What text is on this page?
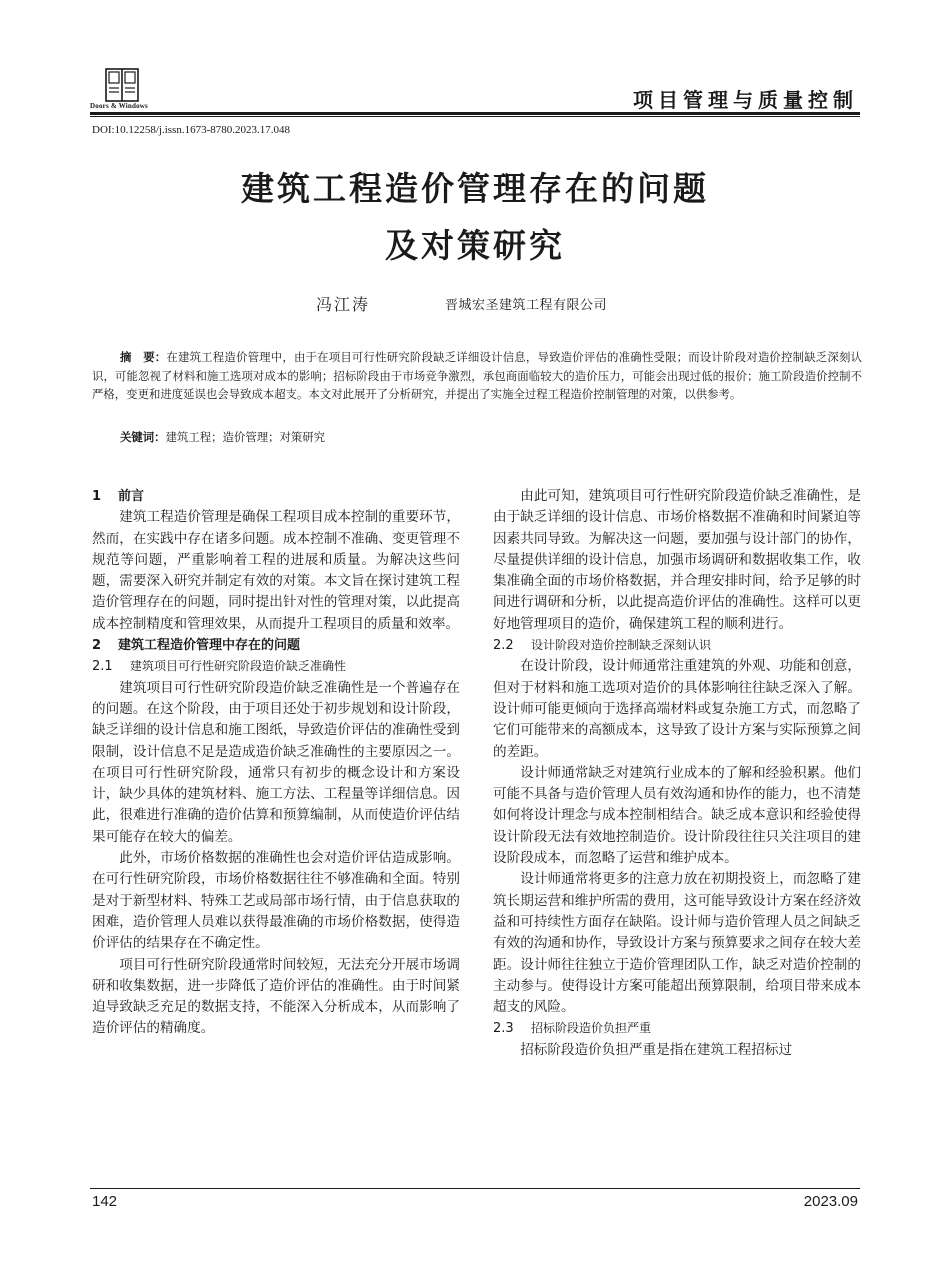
Doors & Windows	项目管理与质量控制
DOI:10.12258/j.issn.1673-8780.2023.17.048
建筑工程造价管理存在的问题
及对策研究
冯江涛	晋城宏圣建筑工程有限公司
摘　要：在建筑工程造价管理中，由于在项目可行性研究阶段缺乏详细设计信息，导致造价评估的准确性受限；而设计阶段对造价控制缺乏深刻认识，可能忽视了材料和施工选项对成本的影响；招标阶段由于市场竞争激烈，承包商面临较大的造价压力，可能会出现过低的报价；施工阶段造价控制不严格，变更和进度延误也会导致成本超支。本文对此展开了分析研究，并提出了实施全过程工程造价控制管理的对策，以供参考。
关键词：建筑工程；造价管理；对策研究
1 前言

建筑工程造价管理是确保工程项目成本控制的重要环节，然而，在实践中存在诸多问题。成本控制不准确、变更管理不规范等问题，严重影响着工程的进展和质量。为解决这些问题，需要深入研究并制定有效的对策。本文旨在探讨建筑工程造价管理存在的问题，同时提出针对性的管理对策，以此提高成本控制精度和管理效果，从而提升工程项目的质量和效率。

2 建筑工程造价管理中存在的问题
2.1 建筑项目可行性研究阶段造价缺乏准确性

建筑项目可行性研究阶段造价缺乏准确性是一个普遍存在的问题。在这个阶段，由于项目还处于初步规划和设计阶段，缺乏详细的设计信息和施工图纸，导致造价评估的准确性受到限制，设计信息不足是造成造价缺乏准确性的主要原因之一。在项目可行性研究阶段，通常只有初步的概念设计和方案设计，缺少具体的建筑材料、施工方法、工程量等详细信息。因此，很难进行准确的造价估算和预算编制，从而使造价评估结果可能存在较大的偏差。

此外，市场价格数据的准确性也会对造价评估造成影响。在可行性研究阶段，市场价格数据往往不够准确和全面。特别是对于新型材料、特殊工艺或局部市场行情，由于信息获取的困难，造价管理人员难以获得最准确的市场价格数据，使得造价评估的结果存在不确定性。

项目可行性研究阶段通常时间较短，无法充分开展市场调研和收集数据，进一步降低了造价评估的准确性。由于时间紧迫导致缺乏充足的数据支持，不能深入分析成本，从而影响了造价评估的精确度。

由此可知，建筑项目可行性研究阶段造价缺乏准确性，是由于缺乏详细的设计信息、市场价格数据不准确和时间紧迫等因素共同导致。为解决这一问题，要加强与设计部门的协作，尽量提供详细的设计信息，加强市场调研和数据收集工作，收集准确全面的市场价格数据，并合理安排时间，给予足够的时间进行调研和分析，以此提高造价评估的准确性。这样可以更好地管理项目的造价，确保建筑工程的顺利进行。

2.2 设计阶段对造价控制缺乏深刻认识

在设计阶段，设计师通常注重建筑的外观、功能和创意，但对于材料和施工选项对造价的具体影响往往缺乏深入了解。设计师可能更倾向于选择高端材料或复杂施工方式，而忽略了它们可能带来的高额成本，这导致了设计方案与实际预算之间的差距。

设计师通常缺乏对建筑行业成本的了解和经验积累。他们可能不具备与造价管理人员有效沟通和协作的能力，也不清楚如何将设计理念与成本控制相结合。缺乏成本意识和经验使得设计阶段无法有效地控制造价。设计阶段往往只关注项目的建设阶段成本，而忽略了运营和维护成本。

设计师通常将更多的注意力放在初期投资上，而忽略了建筑长期运营和维护所需的费用，这可能导致设计方案在经济效益和可持续性方面存在缺陷。设计师与造价管理人员之间缺乏有效的沟通和协作，导致设计方案与预算要求之间存在较大差距。设计师往往独立于造价管理团队工作，缺乏对造价控制的主动参与。使得设计方案可能超出预算限制，给项目带来成本超支的风险。

2.3 招标阶段造价负担严重

招标阶段造价负担严重是指在建筑工程招标过

142	2023.09
